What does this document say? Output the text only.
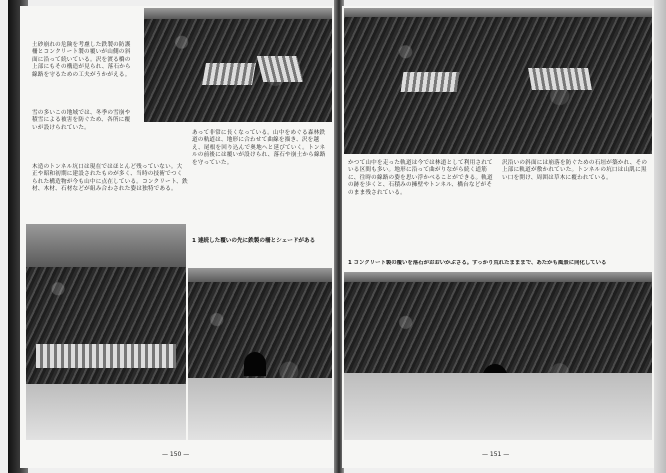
土砂崩れの危険を考慮した鉄製の防護柵とコンクリート製の覆いが山側の斜面に沿って続いている。沢を渡る橋の上部にもその構造が見られ、落石から線路を守るための工夫がうかがえる。
雪の多いこの地域では、冬季の雪崩や積雪による被害を防ぐため、各所に覆いが設けられていた。
木造のトンネル坑口は現在ではほとんど残っていない。大正や昭和初期に建設されたものが多く、当時の技術でつくられた構造物が今も山中に点在している。コンクリート、鉄材、木材、石材などが組み合わされた姿は独特である。
あって非常に長くなっている。山中をめぐる森林鉄道の軌道は、地形に合わせて曲線を描き、沢を越え、尾根を回り込んで奥地へと延びていく。トンネルの前後には覆いが設けられ、落石や崩土から線路を守っていた。
1 連続した覆いの先に鉄製の柵とシェードがある
— 150 —
かつて山中を走った軌道は今では林道として利用されている区間も多い。地形に沿って曲がりながら続く道筋に、往時の線路の姿を思い浮かべることができる。軌道の跡を歩くと、石積みの擁壁やトンネル、橋台などがそのまま残されている。
沢沿いの斜面には崩落を防ぐための石垣が築かれ、その上部に軌道が敷かれていた。トンネルの坑口は山肌に黒い口を開け、周囲は草木に覆われている。
1 コンクリート製の覆いを落石がおおいかぶさる。すっかり荒れたまままで、あたかも風景に同化している
— 151 —
